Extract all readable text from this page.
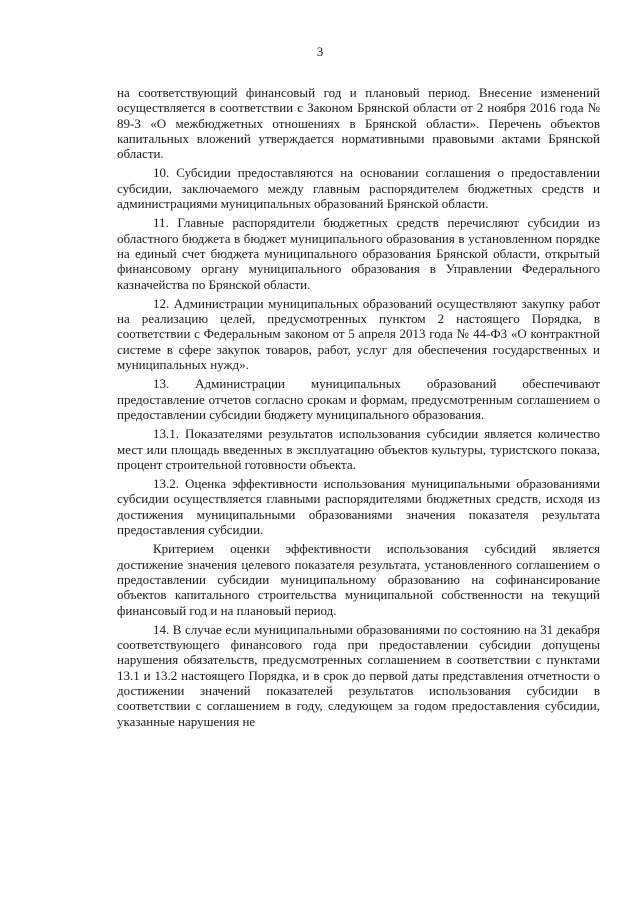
3

на соответствующий финансовый год и плановый период. Внесение изменений осуществляется в соответствии с Законом Брянской области от 2 ноября 2016 года № 89-З «О межбюджетных отношениях в Брянской области». Перечень объектов капитальных вложений утверждается нормативными правовыми актами Брянской области.

10. Субсидии предоставляются на основании соглашения о предоставлении субсидии, заключаемого между главным распорядителем бюджетных средств и администрациями муниципальных образований Брянской области.

11. Главные распорядители бюджетных средств перечисляют субсидии из областного бюджета в бюджет муниципального образования в установленном порядке на единый счет бюджета муниципального образования Брянской области, открытый финансовому органу муниципального образования в Управлении Федерального казначейства по Брянской области.

12. Администрации муниципальных образований осуществляют закупку работ на реализацию целей, предусмотренных пунктом 2 настоящего Порядка, в соответствии с Федеральным законом от 5 апреля 2013 года № 44-ФЗ «О контрактной системе в сфере закупок товаров, работ, услуг для обеспечения государственных и муниципальных нужд».

13. Администрации муниципальных образований обеспечивают предоставление отчетов согласно срокам и формам, предусмотренным соглашением о предоставлении субсидии бюджету муниципального образования.

13.1. Показателями результатов использования субсидии является количество мест или площадь введенных в эксплуатацию объектов культуры, туристского показа, процент строительной готовности объекта.

13.2. Оценка эффективности использования муниципальными образованиями субсидии осуществляется главными распорядителями бюджетных средств, исходя из достижения муниципальными образованиями значения показателя результата предоставления субсидии.

Критерием оценки эффективности использования субсидий является достижение значения целевого показателя результата, установленного соглашением о предоставлении субсидии муниципальному образованию на софинансирование объектов капитального строительства муниципальной собственности на текущий финансовый год и на плановый период.

14. В случае если муниципальными образованиями по состоянию на 31 декабря соответствующего финансового года при предоставлении субсидии допущены нарушения обязательств, предусмотренных соглашением в соответствии с пунктами 13.1 и 13.2 настоящего Порядка, и в срок до первой даты представления отчетности о достижении значений показателей результатов использования субсидии в соответствии с соглашением в году, следующем за годом предоставления субсидии, указанные нарушения не
